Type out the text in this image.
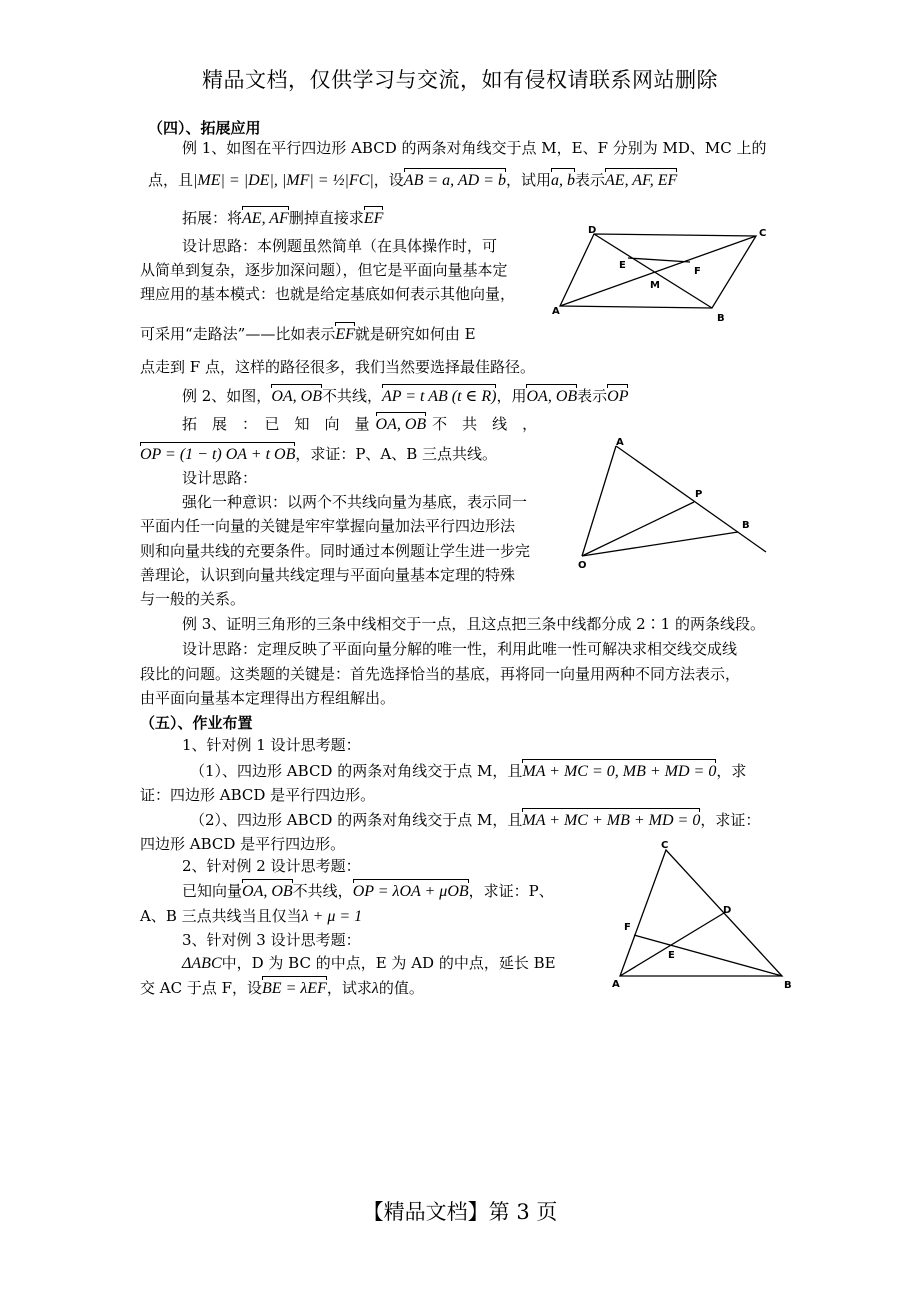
精品文档，仅供学习与交流，如有侵权请联系网站删除
（四）、拓展应用
例 1、如图在平行四边形 ABCD 的两条对角线交于点 M，E、F 分别为 MD、MC 上的
点，且|ME| = |DE|, |MF| = ½|FC|，设AB = a, AD = b，试用a, b表示AE, AF, EF
拓展：将AE, AF删掉直接求EF
设计思路：本例题虽然简单（在具体操作时，可
从简单到复杂，逐步加深问题），但它是平面向量基本定
理应用的基本模式：也就是给定基底如何表示其他向量，
可采用“走路法”——比如表示EF就是研究如何由 E
点走到 F 点，这样的路径很多，我们当然要选择最佳路径。
D	C
E
F
M
A
B
例 2、如图，OA, OB不共线，AP = t AB (t ∈ R)，用OA, OB表示OP
拓　展　：　已　知　向　量 OA, OB 不　共　线　，
OP = (1 − t) OA + t OB，求证：P、A、B 三点共线。
设计思路：
强化一种意识：以两个不共线向量为基底，表示同一
平面内任一向量的关键是牢牢掌握向量加法平行四边形法
则和向量共线的充要条件。同时通过本例题让学生进一步完
善理论，认识到向量共线定理与平面向量基本定理的特殊
与一般的关系。
A
P
B
O
例 3、证明三角形的三条中线相交于一点，且这点把三条中线都分成 2∶1 的两条线段。
设计思路：定理反映了平面向量分解的唯一性，利用此唯一性可解决求相交线交成线
段比的问题。这类题的关键是：首先选择恰当的基底，再将同一向量用两种不同方法表示，
由平面向量基本定理得出方程组解出。
（五）、作业布置
1、针对例 1 设计思考题：
（1）、四边形 ABCD 的两条对角线交于点 M，且MA + MC = 0, MB + MD = 0，求
证：四边形 ABCD 是平行四边形。
（2）、四边形 ABCD 的两条对角线交于点 M，且MA + MC + MB + MD = 0，求证：
四边形 ABCD 是平行四边形。
2、针对例 2 设计思考题：
已知向量OA, OB不共线，OP = λOA + μOB，求证：P、
A、B 三点共线当且仅当λ + μ = 1
3、针对例 3 设计思考题：
ΔABC中，D 为 BC 的中点，E 为 AD 的中点，延长 BE
交 AC 于点 F，设BE = λEF，试求λ的值。
C
D
F
E
A	B
【精品文档】第 3 页
